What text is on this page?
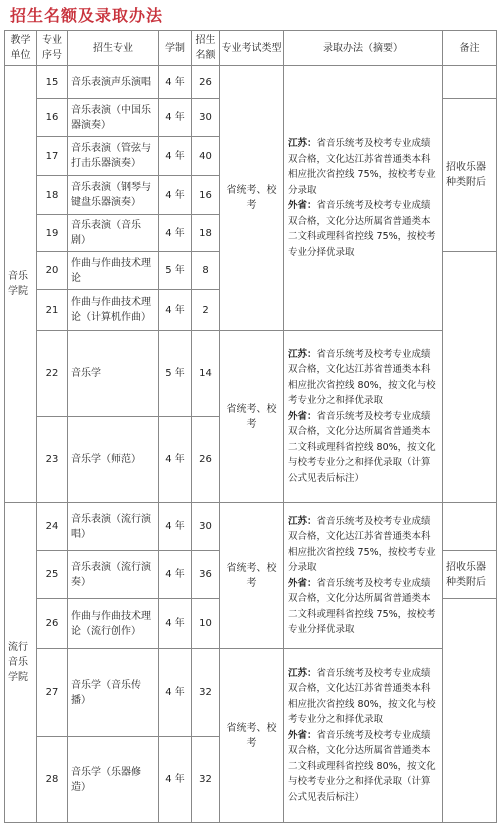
招生名额及录取办法
教学单位	专业序号	招生专业	学制	招生名额	专业考试类型	录取办法（摘要）	备注
音乐学院	15	音乐表演声乐演唱	4 年	26	省统考、校考	江苏：省音乐统考及校考专业成绩双合格，文化达江苏省普通类本科相应批次省控线 75%，按校考专业分录取
外省：省音乐统考及校考专业成绩双合格，文化分达所属省普通类本二文科或理科省控线 75%，按校考专业分择优录取	
	16	音乐表演（中国乐器演奏）	4 年	30			招收乐器种类附后
	17	音乐表演（管弦与打击乐器演奏）	4 年	40			
	18	音乐表演（钢琴与键盘乐器演奏）	4 年	16			
	19	音乐表演（音乐剧）	4 年	18			
	20	作曲与作曲技术理论	5 年	8			
	21	作曲与作曲技术理论（计算机作曲）	4 年	2			
	22	音乐学	5 年	14	省统考、校考	江苏：省音乐统考及校考专业成绩双合格，文化达江苏省普通类本科相应批次省控线 80%，按文化与校考专业分之和择优录取
外省：省音乐统考及校考专业成绩双合格，文化分达所属省普通类本二文科或理科省控线 80%，按文化与校考专业分之和择优录取（计算公式见表后标注）	
	23	音乐学（师范）	4 年	26			
流行音乐学院	24	音乐表演（流行演唱）	4 年	30	省统考、校考	江苏：省音乐统考及校考专业成绩双合格，文化达江苏省普通类本科相应批次省控线 75%，按校考专业分录取
外省：省音乐统考及校考专业成绩双合格，文化分达所属省普通类本二文科或理科省控线 75%，按校考专业分择优录取	
	25	音乐表演（流行演奏）	4 年	36			招收乐器种类附后
	26	作曲与作曲技术理论（流行创作）	4 年	10			
	27	音乐学（音乐传播）	4 年	32	省统考、校考	江苏：省音乐统考及校考专业成绩双合格，文化达江苏省普通类本科相应批次省控线 80%，按文化与校考专业分之和择优录取
外省：省音乐统考及校考专业成绩双合格，文化分达所属省普通类本二文科或理科省控线 80%，按文化与校考专业分之和择优录取（计算公式见表后标注）	
	28	音乐学（乐器修造）	4 年	32			
